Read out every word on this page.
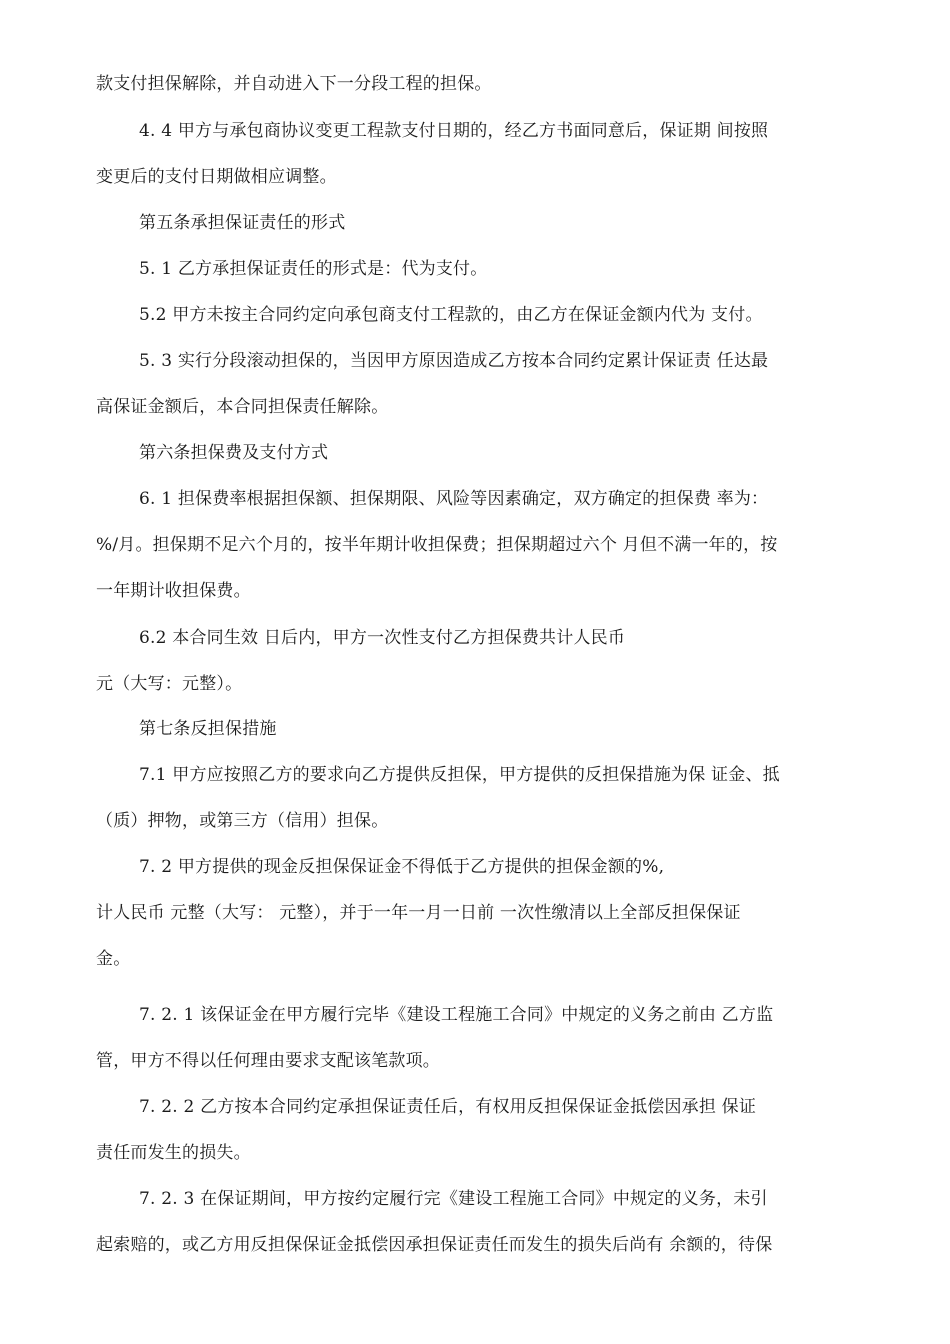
款支付担保解除，并自动进入下一分段工程的担保。
4. 4 甲方与承包商协议变更工程款支付日期的，经乙方书面同意后，保证期 间按照
变更后的支付日期做相应调整。
第五条承担保证责任的形式
5. 1 乙方承担保证责任的形式是：代为支付。
5.2 甲方未按主合同约定向承包商支付工程款的，由乙方在保证金额内代为 支付。
5. 3 实行分段滚动担保的，当因甲方原因造成乙方按本合同约定累计保证责 任达最
高保证金额后，本合同担保责任解除。
第六条担保费及支付方式
6. 1 担保费率根据担保额、担保期限、风险等因素确定，双方确定的担保费 率为：
%/月。担保期不足六个月的，按半年期计收担保费；担保期超过六个 月但不满一年的，按
一年期计收担保费。
6.2 本合同生效 日后内，甲方一次性支付乙方担保费共计人民币
元（大写：元整）。
第七条反担保措施
7.1 甲方应按照乙方的要求向乙方提供反担保，甲方提供的反担保措施为保 证金、抵
（质）押物，或第三方（信用）担保。
7. 2 甲方提供的现金反担保保证金不得低于乙方提供的担保金额的%,
计人民币 元整（大写： 元整），并于一年一月一日前 一次性缴清以上全部反担保保证
金。
7. 2. 1 该保证金在甲方履行完毕《建设工程施工合同》中规定的义务之前由 乙方监
管，甲方不得以任何理由要求支配该笔款项。
7. 2. 2 乙方按本合同约定承担保证责任后，有权用反担保保证金抵偿因承担 保证
责任而发生的损失。
7. 2. 3 在保证期间，甲方按约定履行完《建设工程施工合同》中规定的义务，未引
起索赔的，或乙方用反担保保证金抵偿因承担保证责任而发生的损失后尚有 余额的，待保
